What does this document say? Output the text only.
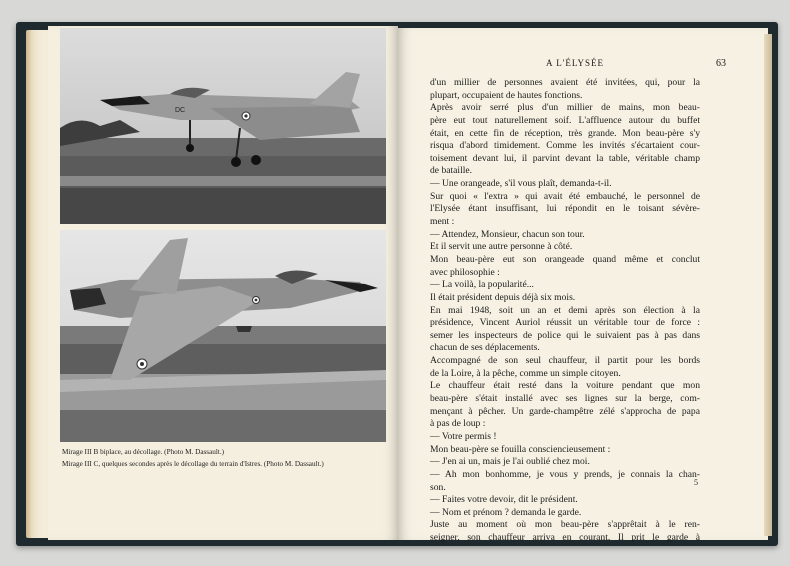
DC
Mirage III B biplace, au décollage. (Photo M. Dassault.)
Mirage III C, quelques secondes après le décollage du terrain d'Istres. (Photo M. Dassault.)
A L'ÉLYSÉE	63
d'un millier de personnes avaient été invitées, qui, pour la
plupart, occupaient de hautes fonctions.
Après avoir serré plus d'un millier de mains, mon beau-
père eut tout naturellement soif. L'affluence autour du buffet
était, en cette fin de réception, très grande. Mon beau-père s'y
risqua d'abord timidement. Comme les invités s'écartaient cour-
toisement devant lui, il parvint devant la table, véritable champ
de bataille.
— Une orangeade, s'il vous plaît, demanda-t-il.
Sur quoi « l'extra » qui avait été embauché, le personnel de
l'Elysée étant insuffisant, lui répondit en le toisant sévère-
ment :
— Attendez, Monsieur, chacun son tour.
Et il servit une autre personne à côté.
Mon beau-père eut son orangeade quand même et conclut
avec philosophie :
— La voilà, la popularité...
Il était président depuis déjà six mois.
En mai 1948, soit un an et demi après son élection à la
présidence, Vincent Auriol réussit un véritable tour de force :
semer les inspecteurs de police qui le suivaient pas à pas dans
chacun de ses déplacements.
Accompagné de son seul chauffeur, il partit pour les bords
de la Loire, à la pêche, comme un simple citoyen.
Le chauffeur était resté dans la voiture pendant que mon
beau-père s'était installé avec ses lignes sur la berge, com-
mençant à pêcher. Un garde-champêtre zélé s'approcha de papa
à pas de loup :
— Votre permis !
Mon beau-père se fouilla consciencieusement :
— J'en ai un, mais je l'ai oublié chez moi.
— Ah mon bonhomme, je vous y prends, je connais la chan-
son.
— Faites votre devoir, dit le président.
— Nom et prénom ? demanda le garde.
Juste au moment où mon beau-père s'apprêtait à le ren-
seigner, son chauffeur arriva en courant. Il prit le garde à
5
